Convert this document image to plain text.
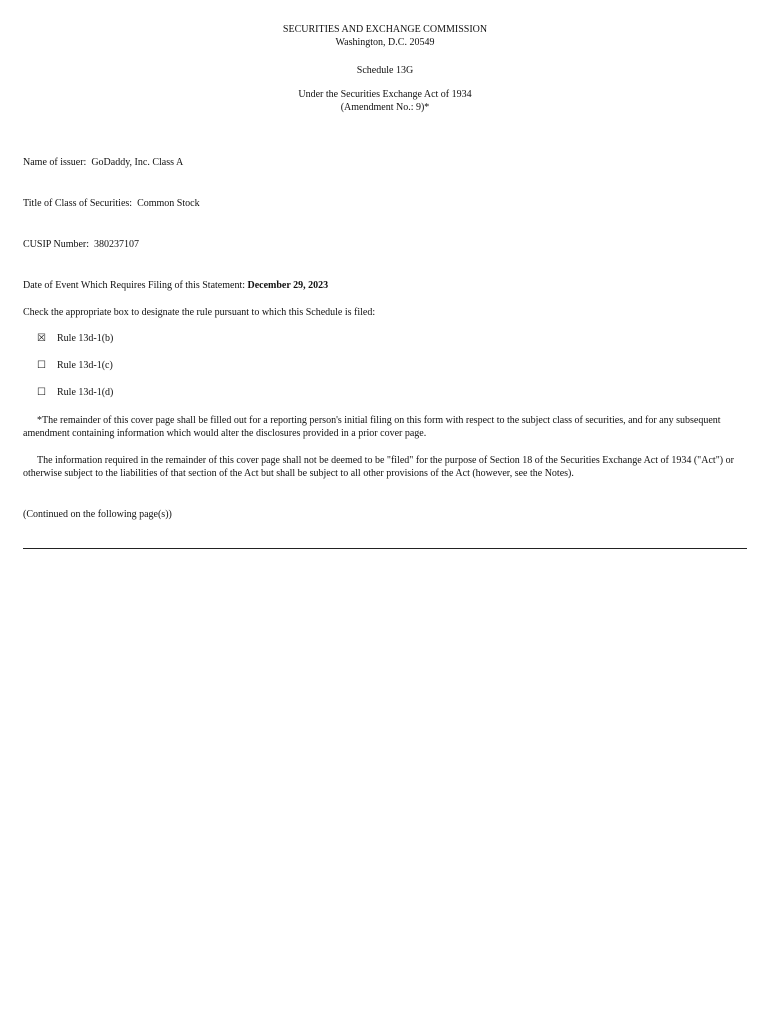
SECURITIES AND EXCHANGE COMMISSION
Washington, D.C. 20549
Schedule 13G
Under the Securities Exchange Act of 1934
(Amendment No.: 9)*
Name of issuer: GoDaddy, Inc. Class A
Title of Class of Securities: Common Stock
CUSIP Number: 380237107
Date of Event Which Requires Filing of this Statement: December 29, 2023
Check the appropriate box to designate the rule pursuant to which this Schedule is filed:
☒ Rule 13d-1(b)
☐ Rule 13d-1(c)
☐ Rule 13d-1(d)
*The remainder of this cover page shall be filled out for a reporting person's initial filing on this form with respect to the subject class of securities, and for any subsequent amendment containing information which would alter the disclosures provided in a prior cover page.
The information required in the remainder of this cover page shall not be deemed to be "filed" for the purpose of Section 18 of the Securities Exchange Act of 1934 ("Act") or otherwise subject to the liabilities of that section of the Act but shall be subject to all other provisions of the Act (however, see the Notes).
(Continued on the following page(s))
